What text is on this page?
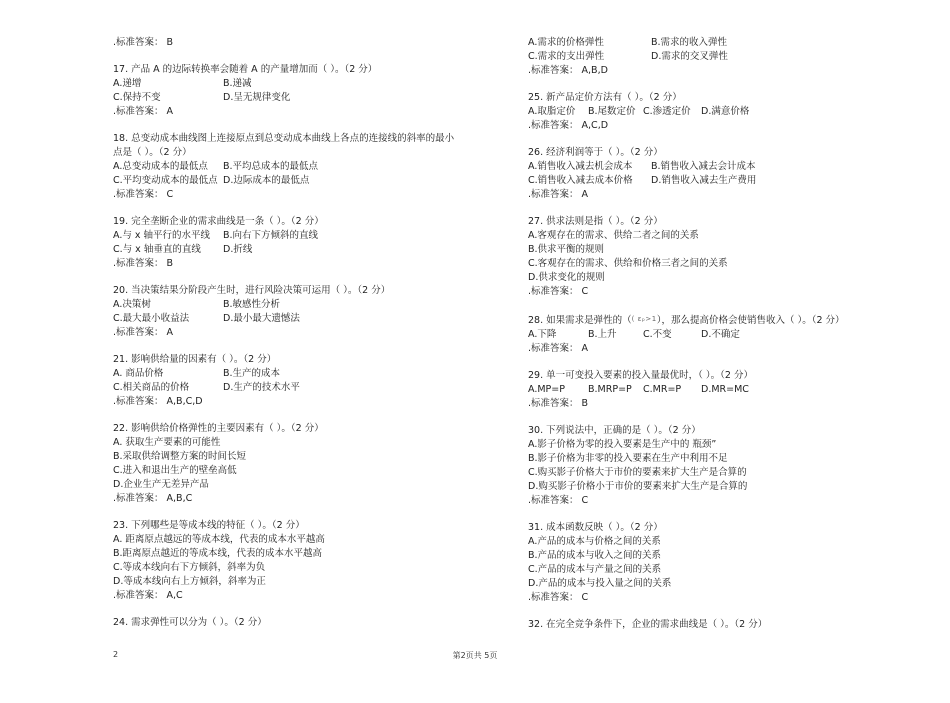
.标准答案： B
17. 产品 A 的边际转换率会随着 A 的产量增加而（ ）。（2 分）
A.递增	B.递减
C.保持不变	D.呈无规律变化
.标准答案： A
18. 总变动成本曲线图上连接原点到总变动成本曲线上各点的连接线的斜率的最小
点是（ ）。（2 分）
A.总变动成本的最低点	B.平均总成本的最低点
C.平均变动成本的最低点 D.边际成本的最低点
.标准答案： C
19. 完全垄断企业的需求曲线是一条（ ）。（2 分）
A.与 x 轴平行的水平线	B.向右下方倾斜的直线
C.与 x 轴垂直的直线	D.折线
.标准答案： B
20. 当决策结果分阶段产生时，进行风险决策可运用（ ）。（2 分）
A.决策树	B.敏感性分析
C.最大最小收益法	D.最小最大遗憾法
.标准答案： A
21. 影响供给量的因素有（ ）。（2 分）
A. 商品价格	B.生产的成本
C.相关商品的价格	D.生产的技术水平
.标准答案： A,B,C,D
22. 影响供给价格弹性的主要因素有（ ）。（2 分）
A. 获取生产要素的可能性
B.采取供给调整方案的时间长短
C.进入和退出生产的壁垒高低
D.企业生产无差异产品
.标准答案： A,B,C
23. 下列哪些是等成本线的特征（ ）。（2 分）
A. 距离原点越远的等成本线，代表的成本水平越高
B.距离原点越近的等成本线，代表的成本水平越高
C.等成本线向右下方倾斜，斜率为负
D.等成本线向右上方倾斜，斜率为正
.标准答案： A,C
24. 需求弹性可以分为（ ）。（2 分）
A.需求的价格弹性	B.需求的收入弹性
C.需求的支出弹性	D.需求的交叉弹性
.标准答案： A,B,D
25. 新产品定价方法有（ ）。（2 分）
A.取脂定价	B.尾数定价 C.渗透定价	D.满意价格
.标准答案： A,C,D
26. 经济利润等于（ ）。（2 分）
A.销售收入减去机会成本	B.销售收入减去会计成本
C.销售收入减去成本价格	D.销售收入减去生产费用
.标准答案： A
27. 供求法则是指（ ）。（2 分）
A.客观存在的需求、供给二者之间的关系
B.供求平衡的规则
C.客观存在的需求、供给和价格三者之间的关系
D.供求变化的规则
.标准答案： C
28. 如果需求是弹性的（( εₚ>1），那么提高价格会使销售收入（ ）。（2 分）
A.下降	B.上升	C.不变	D.不确定
.标准答案： A
29. 单一可变投入要素的投入量最优时，（ ）。（2 分）
A.MP=P	B.MRP=P	C.MR=P	D.MR=MC
.标准答案： B
30. 下列说法中，正确的是（ ）。（2 分）
A.影子价格为零的投入要素是生产中的 瓶颈”
B.影子价格为非零的投入要素在生产中利用不足
C.购买影子价格大于市价的要素来扩大生产是合算的
D.购买影子价格小于市价的要素来扩大生产是合算的
.标准答案： C
31. 成本函数反映（ ）。（2 分）
A.产品的成本与价格之间的关系
B.产品的成本与收入之间的关系
C.产品的成本与产量之间的关系
D.产品的成本与投入量之间的关系
.标准答案： C
32. 在完全竞争条件下，企业的需求曲线是（ ）。（2 分）
2	第2页共 5页
